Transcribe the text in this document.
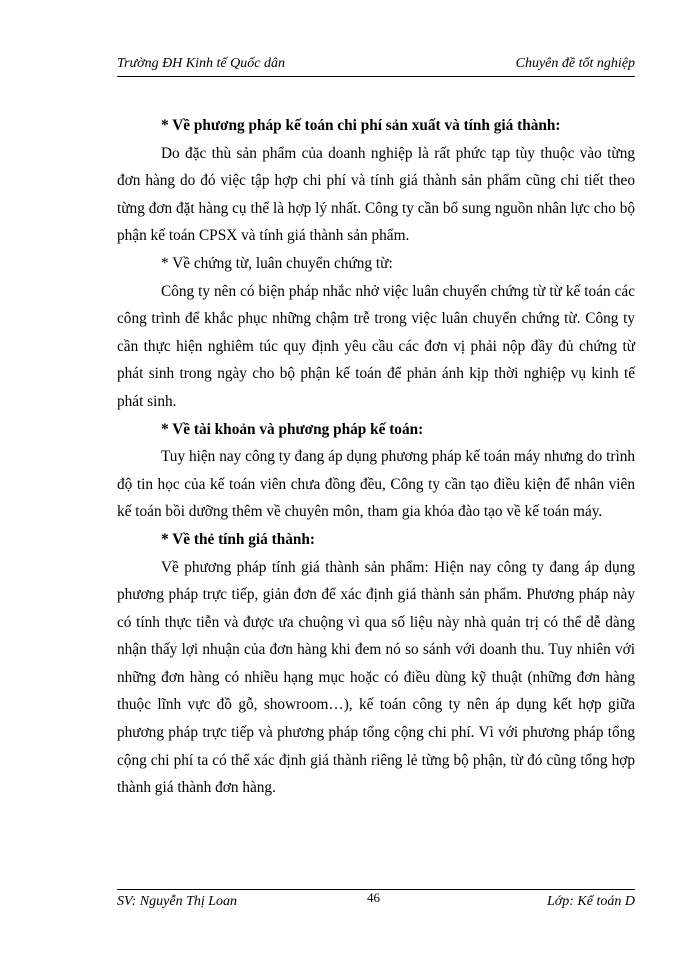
Trường ĐH Kinh tế Quốc dân	Chuyên đề tốt nghiệp

* Về phương pháp kế toán chi phí sản xuất và tính giá thành:

Do đặc thù sản phẩm của doanh nghiệp là rất phức tạp tùy thuộc vào từng đơn hàng do đó việc tập hợp chi phí và tính giá thành sản phẩm cũng chi tiết theo từng đơn đặt hàng cụ thể là hợp lý nhất. Công ty cần bổ sung nguồn nhân lực cho bộ phận kế toán CPSX và tính giá thành sản phẩm.

* Về chứng từ, luân chuyển chứng từ:

Công ty nên có biện pháp nhắc nhở việc luân chuyển chứng từ từ kế toán các công trình để khắc phục những chậm trễ trong việc luân chuyển chứng từ. Công ty cần thực hiện nghiêm túc quy định yêu cầu các đơn vị phải nộp đầy đủ chứng từ phát sinh trong ngày cho bộ phận kế toán để phản ánh kịp thời nghiệp vụ kinh tế phát sinh.

* Về tài khoản và phương pháp kế toán:

Tuy hiện nay công ty đang áp dụng phương pháp kế toán máy nhưng do trình độ tin học của kế toán viên chưa đồng đều, Công ty cần tạo điều kiện để nhân viên kế toán bồi dưỡng thêm về chuyên môn, tham gia khóa đào tạo về kế toán máy.

* Về thẻ tính giá thành:

Về phương pháp tính giá thành sản phẩm: Hiện nay công ty đang áp dụng phương pháp trực tiếp, giản đơn để xác định giá thành sản phẩm. Phương pháp này có tính thực tiễn và được ưa chuộng vì qua số liệu này nhà quản trị có thể dễ dàng nhận thấy lợi nhuận của đơn hàng khi đem nó so sánh với doanh thu. Tuy nhiên với những đơn hàng có nhiều hạng mục hoặc có điều dùng kỹ thuật (những đơn hàng thuộc lĩnh vực đồ gỗ, showroom…), kế toán công ty nên áp dụng kết hợp giữa phương pháp trực tiếp và phương pháp tổng cộng chi phí. Vì với phương pháp tổng cộng chi phí ta có thể xác định giá thành riêng lẻ từng bộ phận, từ đó cũng tổng hợp thành giá thành đơn hàng.

SV: Nguyễn Thị Loan	46	Lớp: Kế toán D
